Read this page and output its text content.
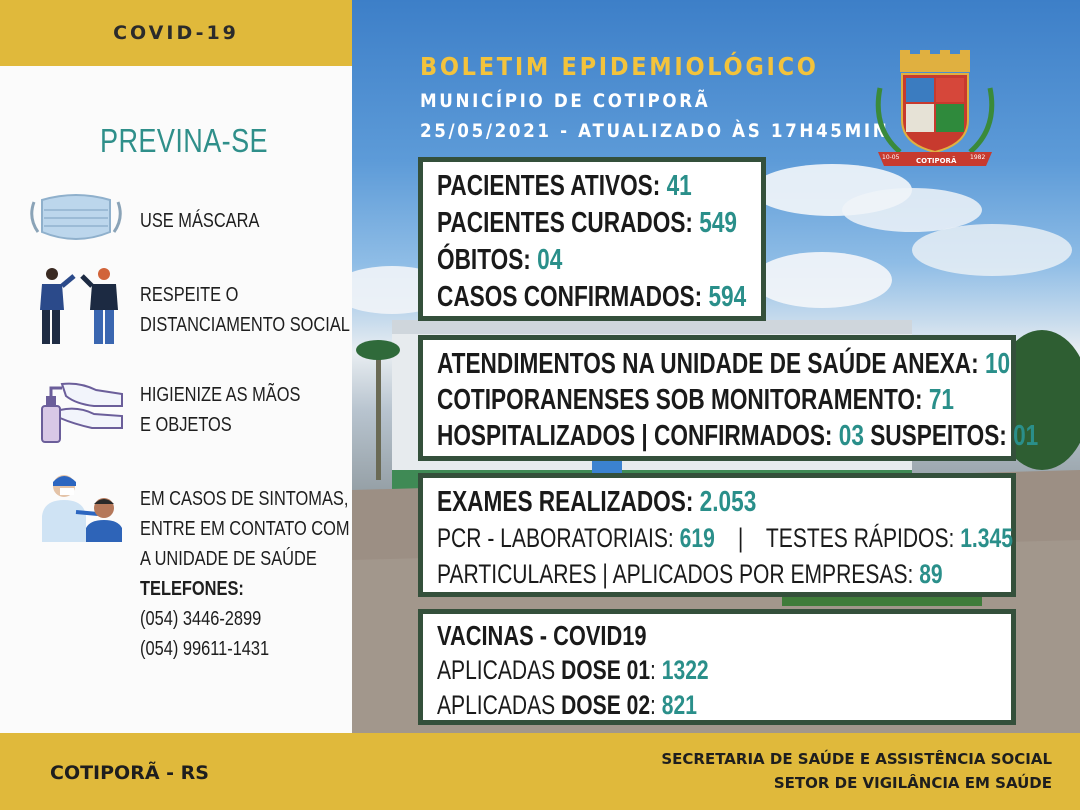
COVID-19
PREVINA-SE
USE MÁSCARA
RESPEITE O
DISTANCIAMENTO SOCIAL
HIGIENIZE AS MÃOS
E OBJETOS
EM CASOS DE SINTOMAS,
ENTRE EM CONTATO COM
A UNIDADE DE SAÚDE
TELEFONES:
(054) 3446-2899
(054) 99611-1431
BOLETIM EPIDEMIOLÓGICO
MUNICÍPIO DE COTIPORÃ
25/05/2021 - ATUALIZADO ÀS 17H45MIN
10-05 COTIPORÃ 1982
PACIENTES ATIVOS: 41
PACIENTES CURADOS: 549
ÓBITOS: 04
CASOS CONFIRMADOS: 594
ATENDIMENTOS NA UNIDADE DE SAÚDE ANEXA: 10
COTIPORANENSES SOB MONITORAMENTO: 71
HOSPITALIZADOS | CONFIRMADOS: 03 SUSPEITOS: 01
EXAMES REALIZADOS: 2.053
PCR - LABORATORIAIS: 619 | TESTES RÁPIDOS: 1.345
PARTICULARES | APLICADOS POR EMPRESAS: 89
VACINAS - COVID19
APLICADAS DOSE 01: 1322
APLICADAS DOSE 02: 821
COTIPORÃ - RS
SECRETARIA DE SAÚDE E ASSISTÊNCIA SOCIAL
SETOR DE VIGILÂNCIA EM SAÚDE
